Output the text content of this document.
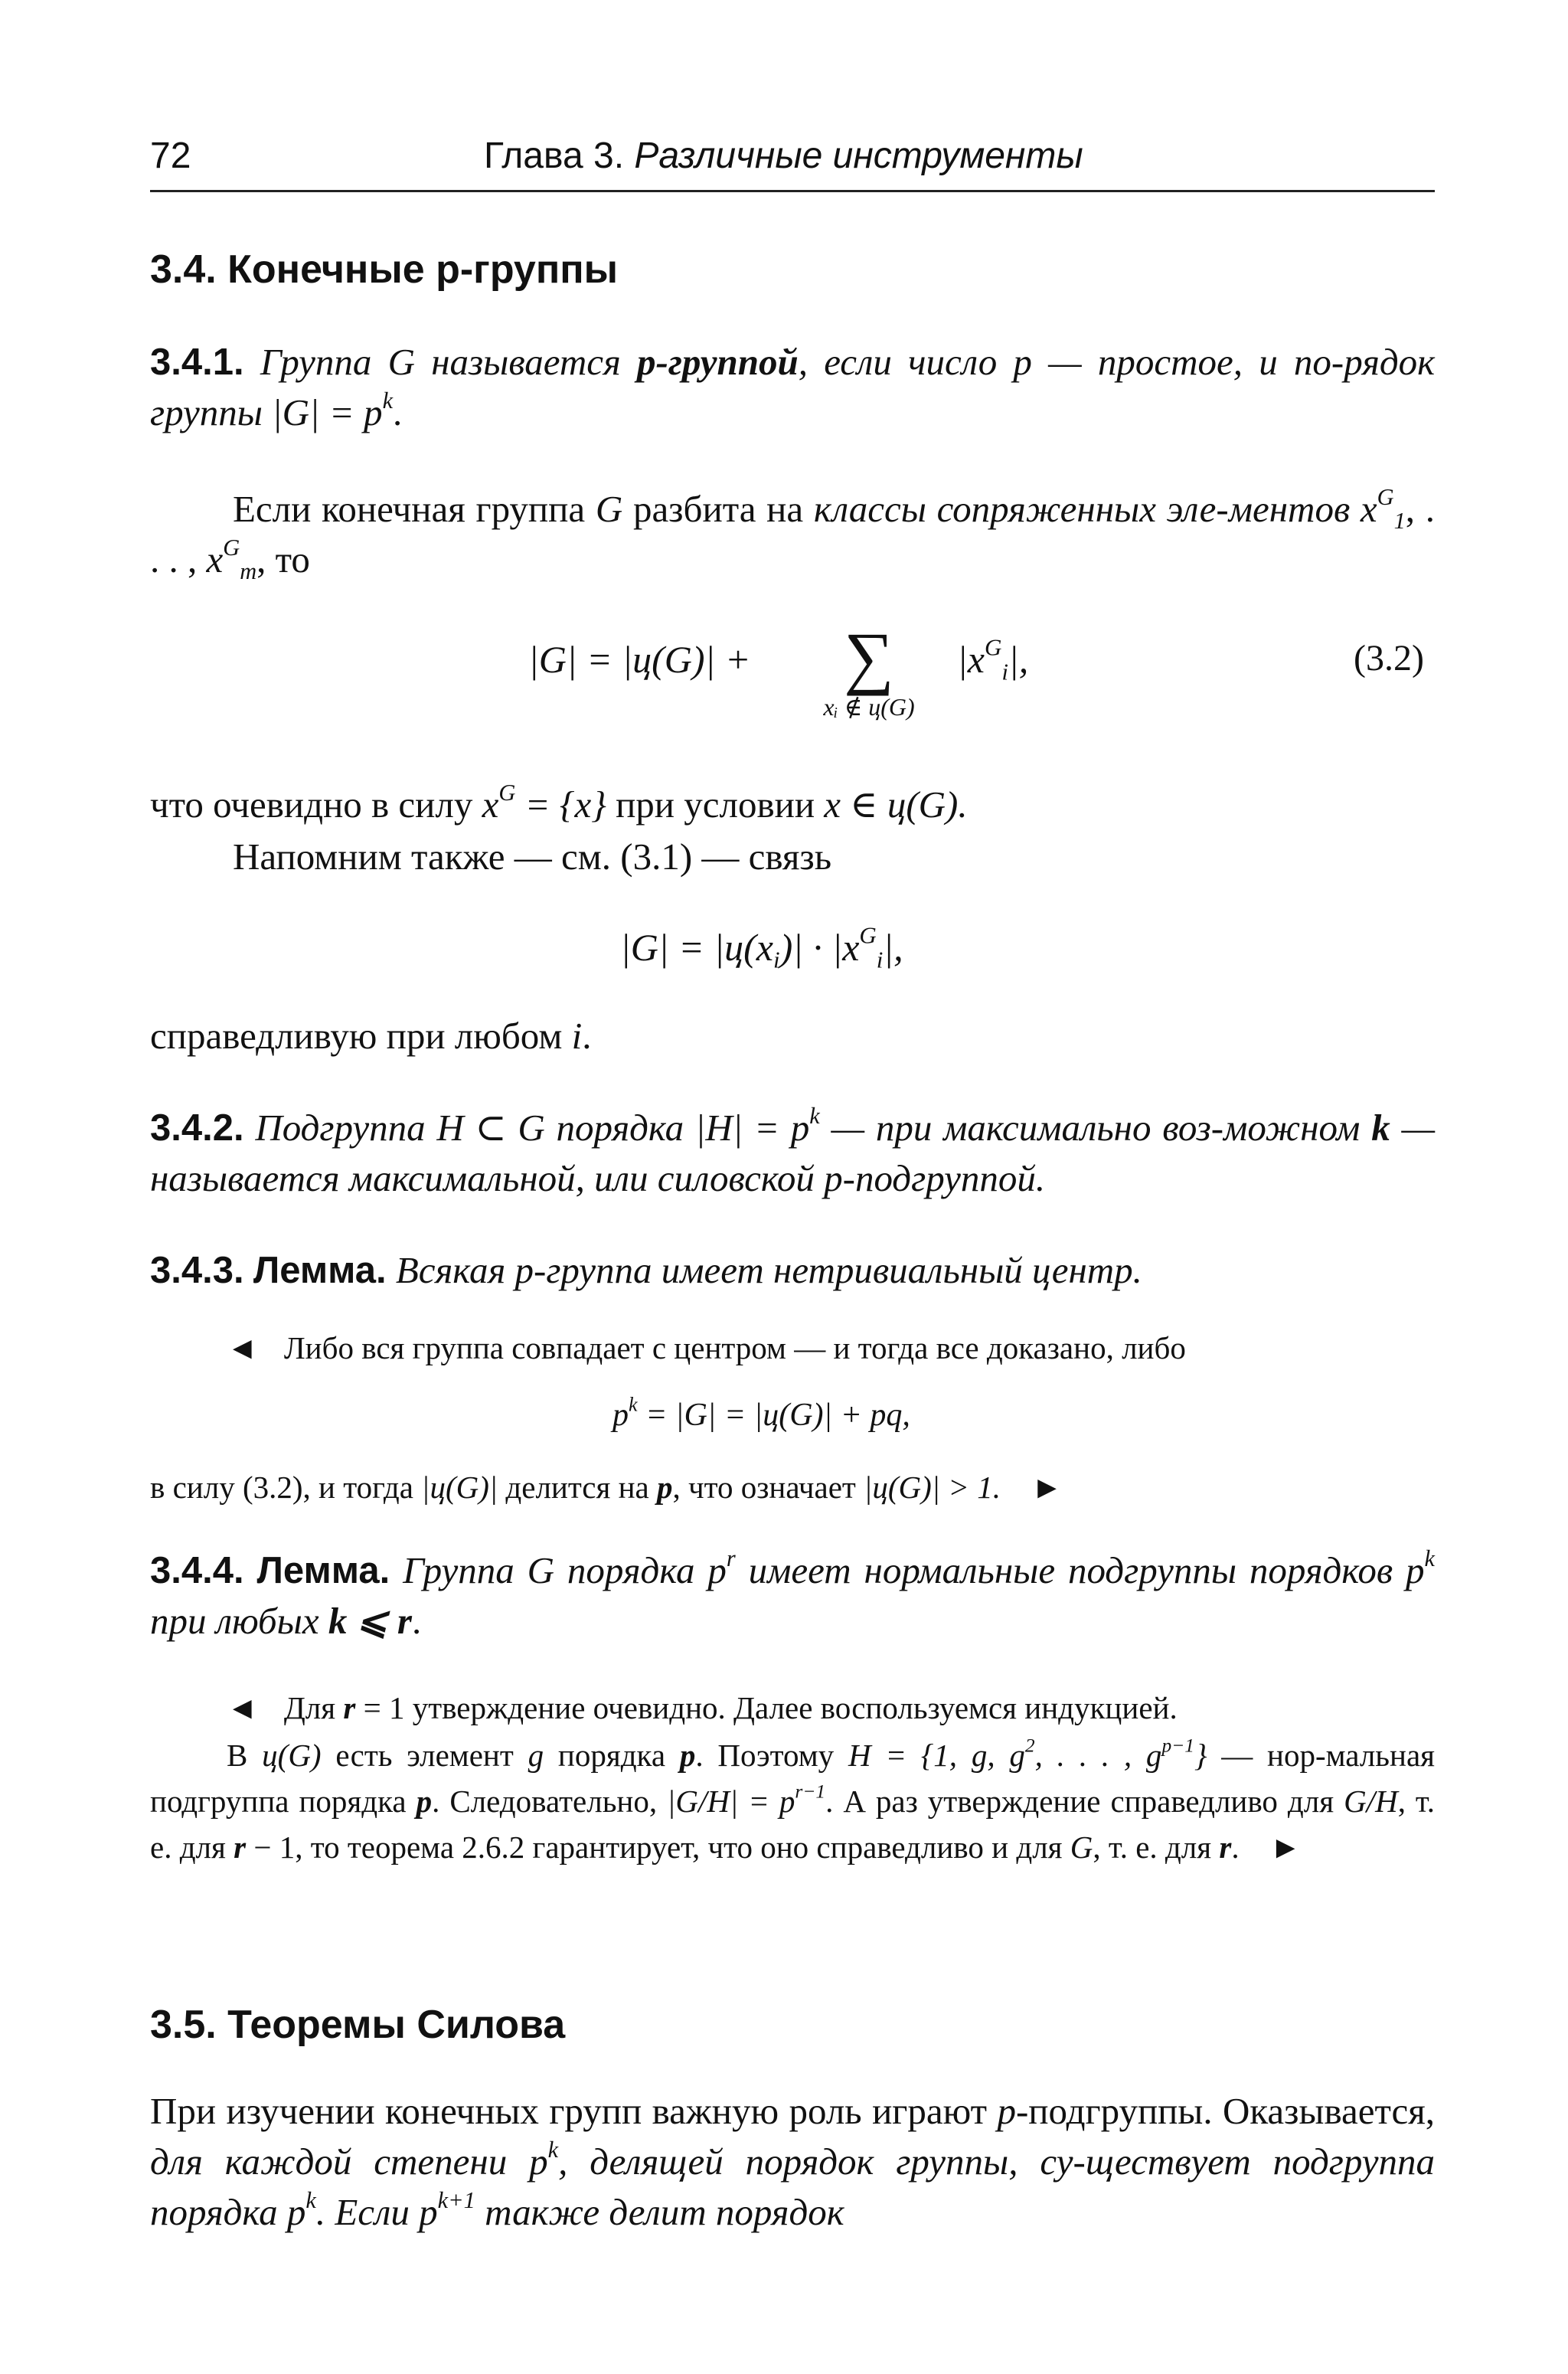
72	Глава 3. Различные инструменты
3.4. Конечные p-группы

3.4.1. Группа G называется p-группой, если число p — простое, и по-рядок группы $|G| = p^k$.

Если конечная группа G разбита на классы сопряженных эле-ментов $x^G_1$, . . . , $x^G_m$, то

|G| = |ц(G)| +	∑
xᵢ ∉ ц(G)
$|x^G_i|$,	(3.2)

что очевидно в силу $x^G = \{x\}$ при условии x ∈ ц(G).

Напомним также — см. (3.1) — связь

$|G| = |ц(x_i)| \cdot |x^G_i|$,

справедливую при любом i.

3.4.2. Подгруппа H ⊂ G порядка $|H| = p^k$ — при максимально воз-можном k — называется максимальной, или силовской p-подгруппой.

3.4.3. Лемма. Всякая p-группа имеет нетривиальный центр.

◄ Либо вся группа совпадает с центром — и тогда все доказано, либо

$p^k = |G| = |ц(G)|$ + pq,

в силу (3.2), и тогда |ц(G)| делится на p, что означает |ц(G)| > 1. ►

3.4.4. Лемма. Группа G порядка $p^r$ имеет нормальные подгруппы порядков $p^k$ при любых k ⩽ r.

◄ Для r = 1 утверждение очевидно. Далее воспользуемся индукцией.

В ц(G) есть элемент g порядка p. Поэтому H = {1, g, $g^2$, . . . , $g^{p-1}$} — нор-мальная подгруппа порядка p. Следовательно, $|G/H| = p^{r-1}$. А раз утверждение справедливо для G/H, т. е. для r − 1, то теорема 2.6.2 гарантирует, что оно справедливо и для G, т. е. для r. ►

3.5. Теоремы Силова

При изучении конечных групп важную роль играют p-подгруппы. Оказывается, для каждой степени $p^k$, делящей порядок группы, су-ществует подгруппа порядка $p^k$. Если $p^{k+1}$ также делит порядок
